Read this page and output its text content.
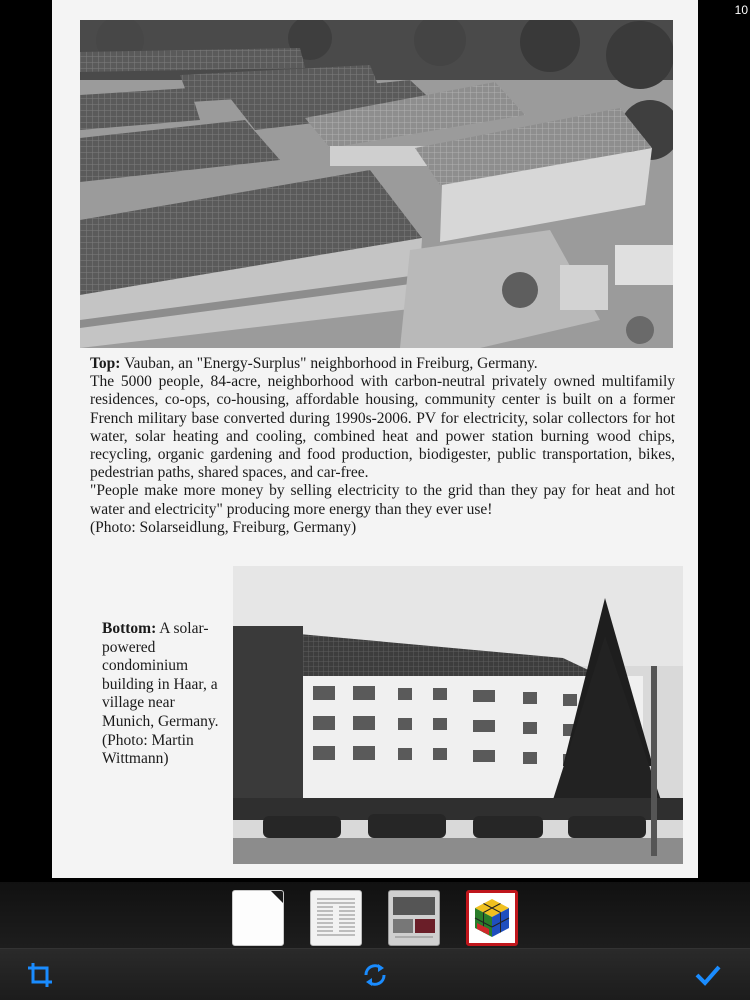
10

Top: Vauban, an "Energy-Surplus" neighborhood in Freiburg, Germany.

The 5000 people, 84-acre, neighborhood with carbon-neutral privately owned multifamily residences, co-ops, co-housing, affordable housing, community center is built on a former French military base converted during 1990s-2006. PV for electricity, solar collectors for hot water, solar heating and cooling, combined heat and power station burning wood chips, recycling, organic gardening and food production, biodigester, public transportation, bikes, pedestrian paths, shared spaces, and car-free.

"People make more money by selling electricity to the grid than they pay for heat and hot water and electricity" producing more energy than they ever use!

(Photo: Solarseidlung, Freiburg, Germany)

Bottom: A solar-powered condominium building in Haar, a village near Munich, Germany. (Photo: Martin Wittmann)
